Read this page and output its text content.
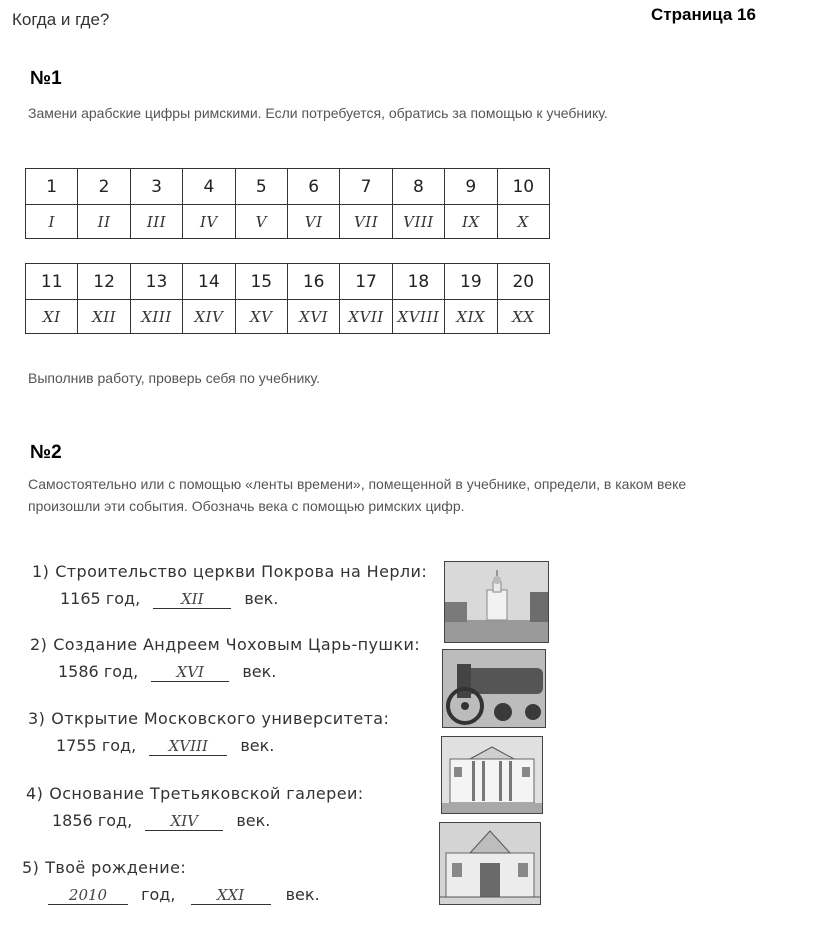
Когда и где?	Страница 16
№1
Замени арабские цифры римскими. Если потребуется, обратись за помощью к учебнику.
1	2	3	4	5	6	7	8	9	10
I	II	III	IV	V	VI	VII	VIII	IX	X
11	12	13	14	15	16	17	18	19	20
XI	XII	XIII	XIV	XV	XVI	XVII	XVIII	XIX	XX
Выполнив работу, проверь себя по учебнику.
№2
Самостоятельно или с помощью «ленты времени», помещенной в учебнике, определи, в каком веке
произошли эти события. Обозначь века с помощью римских цифр.
1) Строительство церкви Покрова на Нерли:
1165 год,	XII	век.
2) Создание Андреем Чоховым Царь-пушки:
1586 год,	XVI век.
3) Открытие Московского университета:
1755 год, XVIII век.
4) Основание Третьяковской галереи:
1856 год,	XIV век.
5) Твоё рождение:
2010 год,	XXI	век.
